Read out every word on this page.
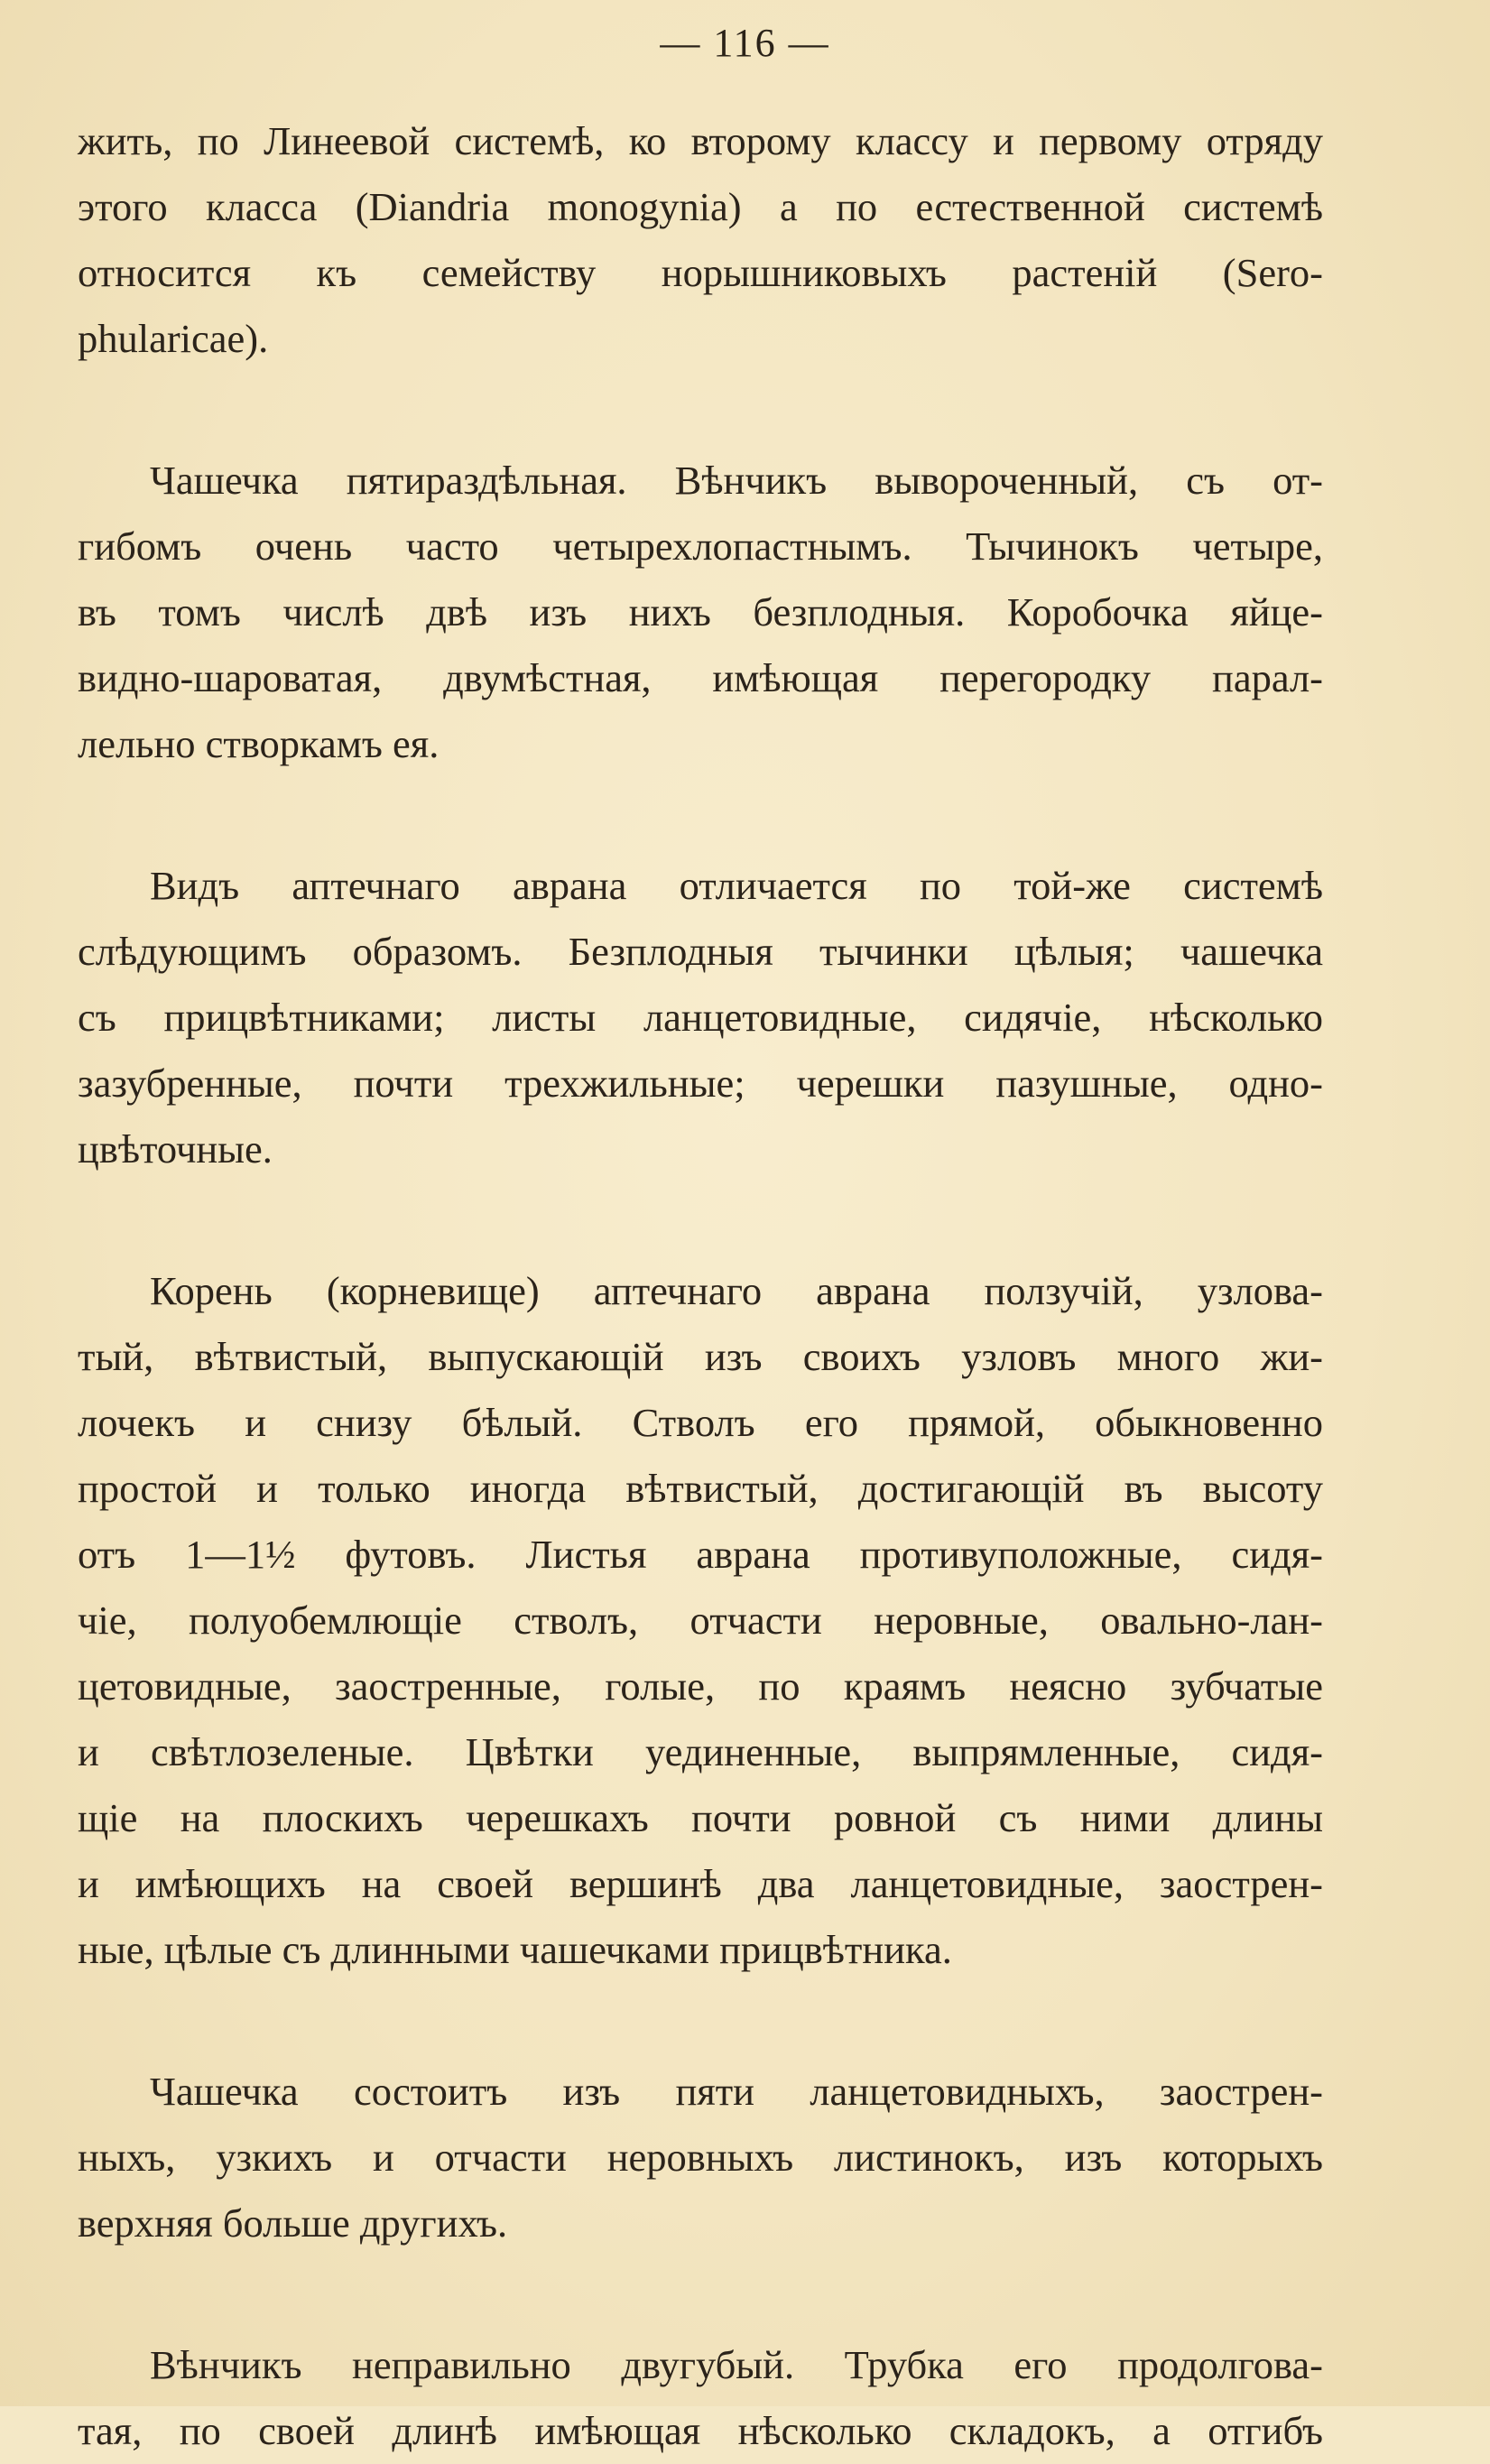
— 116 —
жить, по Линеевой системѣ, ко второму классу и первому отряду
этого класса (Diandria monogynia) а по естественной системѣ
относится къ семейству норышниковыхъ растеній (Sero-
phularicae).
Чашечка пятираздѣльная. Вѣнчикъ вывороченный, съ от-
гибомъ очень часто четырехлопастнымъ. Тычинокъ четыре,
въ томъ числѣ двѣ изъ нихъ безплодныя. Коробочка яйце-
видно-шароватая, двумѣстная, имѣющая перегородку парал-
лельно створкамъ ея.
Видъ аптечнаго аврана отличается по той-же системѣ
слѣдующимъ образомъ. Безплодныя тычинки цѣлыя; чашечка
съ прицвѣтниками; листы ланцетовидные, сидячіе, нѣсколько
зазубренные, почти трехжильные; черешки пазушные, одно-
цвѣточные.
Корень (корневище) аптечнаго аврана ползучій, узлова-
тый, вѣтвистый, выпускающій изъ своихъ узловъ много жи-
лочекъ и снизу бѣлый. Стволъ его прямой, обыкновенно
простой и только иногда вѣтвистый, достигающій въ высоту
отъ 1—1½ футовъ. Листья аврана противуположные, сидя-
чіе, полуобемлющіе стволъ, отчасти неровные, овально-лан-
цетовидные, заостренные, голые, по краямъ неясно зубчатые
и свѣтлозеленые. Цвѣтки уединенные, выпрямленные, сидя-
щіе на плоскихъ черешкахъ почти ровной съ ними длины
и имѣющихъ на своей вершинѣ два ланцетовидные, заострен-
ные, цѣлые съ длинными чашечками прицвѣтника.
Чашечка состоитъ изъ пяти ланцетовидныхъ, заострен-
ныхъ, узкихъ и отчасти неровныхъ листинокъ, изъ которыхъ
верхняя больше другихъ.
Вѣнчикъ неправильно двугубый. Трубка его продолгова-
тая, по своей длинѣ имѣющая нѣсколько складокъ, а отгибъ
